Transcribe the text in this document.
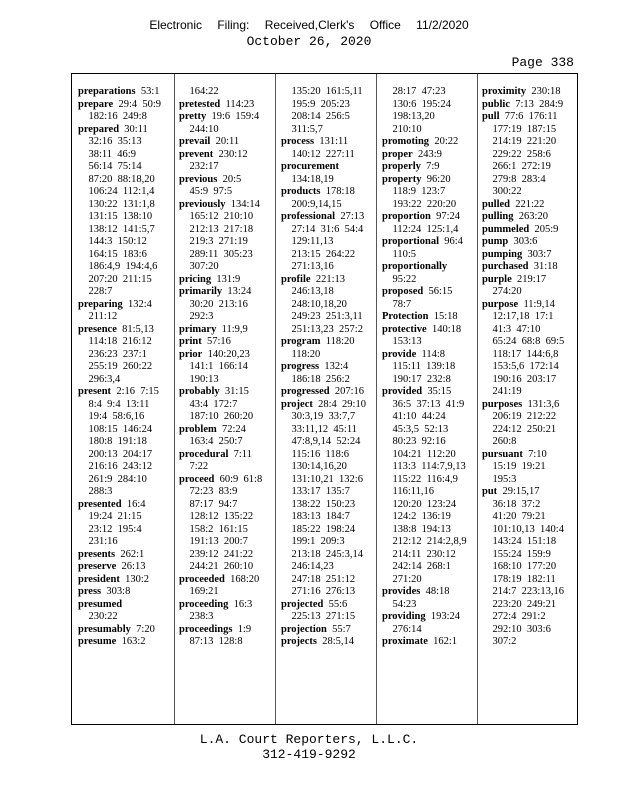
Electronic Filing: Received,Clerk's Office 11/2/2020
October 26, 2020
Page 338
preparations 53:1
prepare 29:4  50:9
182:16  249:8
prepared 30:11
32:16  35:13
38:11  46:9
56:14  75:14
87:20  88:18,20
106:24  112:1,4
130:22  131:1,8
131:15  138:10
138:12  141:5,7
144:3  150:12
164:15  183:6
186:4,9  194:4,6
207:20  211:15
228:7
preparing 132:4
211:12
presence 81:5,13
114:18  216:12
236:23  237:1
255:19  260:22
296:3,4
present 2:16  7:15
8:4  9:4  13:11
19:4  58:6,16
108:15  146:24
180:8  191:18
200:13  204:17
216:16  243:12
261:9  284:10
288:3
presented 16:4
19:24  21:15
23:12  195:4
231:16
presents 262:1
preserve 26:13
president 130:2
press 303:8
presumed
230:22
presumably 7:20
presume 163:2
164:22
pretested 114:23
pretty 19:6  159:4
244:10
prevail 20:11
prevent 230:12
232:17
previous 20:5
45:9  97:5
previously 134:14
165:12  210:10
212:13  217:18
219:3  271:19
289:11  305:23
307:20
pricing 131:9
primarily 13:24
30:20  213:16
292:3
primary 11:9,9
print 57:16
prior 140:20,23
141:1  166:14
190:13
probably 31:15
43:4  172:7
187:10  260:20
problem 72:24
163:4  250:7
procedural 7:11
7:22
proceed 60:9  61:8
72:23  83:9
87:17  94:7
128:12  135:22
158:2  161:15
191:13  200:7
239:12  241:22
244:21  260:10
proceeded 168:20
169:21
proceeding 16:3
238:3
proceedings 1:9
87:13  128:8
135:20  161:5,11
195:9  205:23
208:14  256:5
311:5,7
process 131:11
140:12  227:11
procurement
134:18,19
products 178:18
200:9,14,15
professional 27:13
27:14  31:6  54:4
129:11,13
213:15  264:22
271:13,16
profile 221:13
246:13,18
248:10,18,20
249:23  251:3,11
251:13,23  257:2
program 118:20
118:20
progress 132:4
186:18  256:2
progressed 207:16
project 28:4  29:10
30:3,19  33:7,7
33:11,12  45:11
47:8,9,14  52:24
115:16  118:6
130:14,16,20
131:10,21  132:6
133:17  135:7
138:22  150:23
183:13  184:7
185:22  198:24
199:1  209:3
213:18  245:3,14
246:14,23
247:18  251:12
271:16  276:13
projected 55:6
225:13  271:15
projection 55:7
projects 28:5,14
28:17  47:23
130:6  195:24
198:13,20
210:10
promoting 20:22
proper 243:9
properly 7:9
property 96:20
118:9  123:7
193:22  220:20
proportion 97:24
112:24  125:1,4
proportional 96:4
110:5
proportionally
95:22
proposed 56:15
78:7
Protection 15:18
protective 140:18
153:13
provide 114:8
115:11  139:18
190:17  232:8
provided 35:15
36:5  37:13  41:9
41:10  44:24
45:3,5  52:13
80:23  92:16
104:21  112:20
113:3  114:7,9,13
115:22  116:4,9
116:11,16
120:20  123:24
124:2  136:19
138:8  194:13
212:12  214:2,8,9
214:11  230:12
242:14  268:1
271:20
provides 48:18
54:23
providing 193:24
276:14
proximate 162:1
proximity 230:18
public 7:13  284:9
pull 77:6  176:11
177:19  187:15
214:19  221:20
229:22  258:6
266:1  272:19
279:8  283:4
300:22
pulled 221:22
pulling 263:20
pummeled 205:9
pump 303:6
pumping 303:7
purchased 31:18
purple 219:17
274:20
purpose 11:9,14
12:17,18  17:1
41:3  47:10
65:24  68:8  69:5
118:17  144:6,8
153:5,6  172:14
190:16  203:17
241:19
purposes 131:3,6
206:19  212:22
224:12  250:21
260:8
pursuant 7:10
15:19  19:21
195:3
put 29:15,17
36:18  37:2
41:20  79:21
101:10,13  140:4
143:24  151:18
155:24  159:9
168:10  177:20
178:19  182:11
214:7  223:13,16
223:20  249:21
272:4  291:2
292:10  303:6
307:2
L.A. Court Reporters, L.L.C.
312-419-9292
